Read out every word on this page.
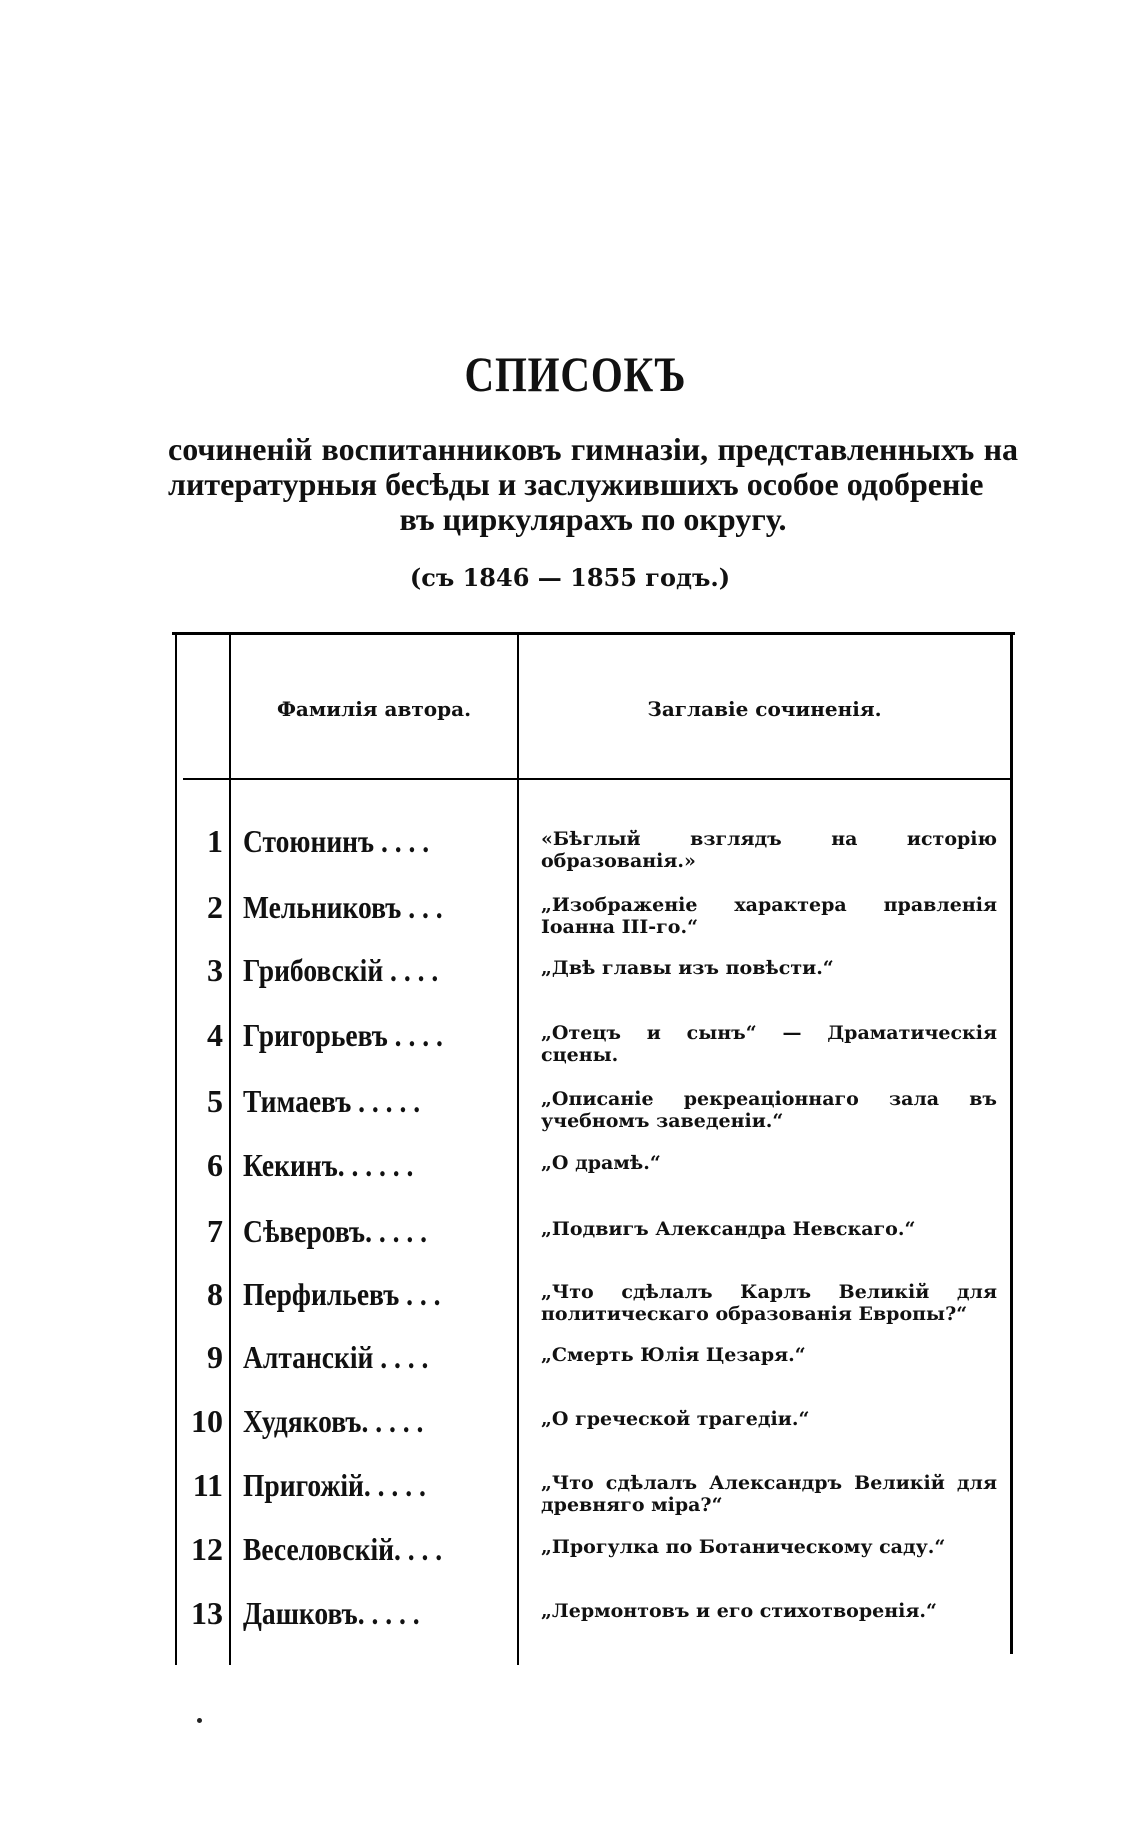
СПИСОКЪ
сочиненій воспитанниковъ гимназіи, представленныхъ на литературныя бесѣды и заслужившихъ особое одобреніе
въ циркулярахъ по округу.
(съ 1846 — 1855 годъ.)
Фамилія автора.	Заглавіе сочиненія.
1 Стоюнинъ . . . .	«Бѣглый взглядъ на исторію образованія.»
2 Мельниковъ . . .	„Изображеніе характера правленія Іоанна III-го.“
3 Грибовскій . . . .	„Двѣ главы изъ повѣсти.“
4 Григорьевъ . . . .	„Отецъ и сынъ“ — Драматическія сцены.
5 Тимаевъ . . . . .	„Описаніе рекреаціоннаго зала въ учебномъ заведеніи.“
6 Кекинъ. . . . . .	„О драмѣ.“
7 Сѣверовъ. . . . .	„Подвигъ Александра Невскаго.“
8 Перфильевъ . . .	„Что сдѣлалъ Карлъ Великій для политическаго образованія Европы?“
9 Алтанскій . . . .	„Смерть Юлія Цезаря.“
10 Худяковъ. . . . .	„О греческой трагедіи.“
11 Пригожій. . . . .	„Что сдѣлалъ Александръ Великій для древняго міра?“
12 Веселовскій. . . .	„Прогулка по Ботаническому саду.“
13 Дашковъ. . . . .	„Лермонтовъ и его стихотворенія.“
